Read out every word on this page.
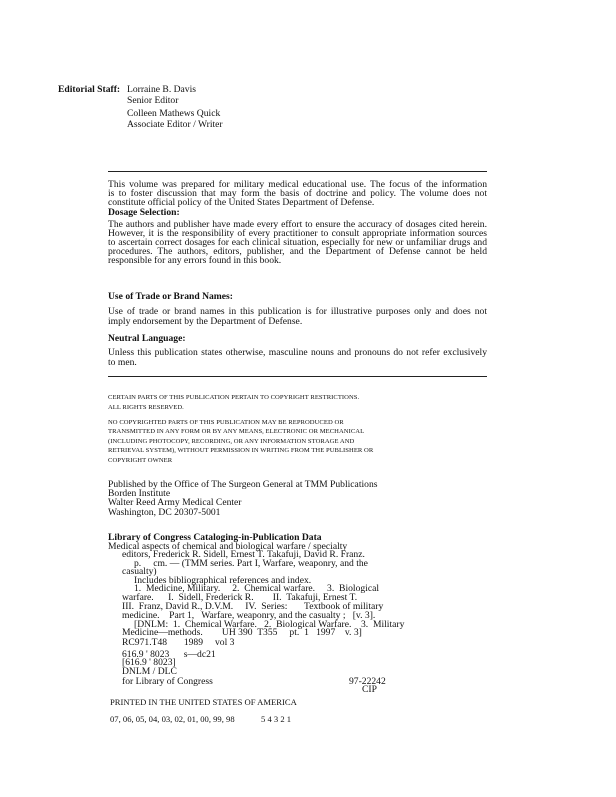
Editorial Staff: Lorraine B. Davis
Senior Editor
Colleen Mathews Quick
Associate Editor / Writer
This volume was prepared for military medical educational use. The focus of the information
is to foster discussion that may form the basis of doctrine and policy. The volume does not
constitute official policy of the United States Department of Defense.
Dosage Selection:
The authors and publisher have made every effort to ensure the accuracy of dosages cited herein.
However, it is the responsibility of every practitioner to consult appropriate information sources
to ascertain correct dosages for each clinical situation, especially for new or unfamiliar drugs and
procedures. The authors, editors, publisher, and the Department of Defense cannot be held
responsible for any errors found in this book.
Use of Trade or Brand Names:
Use of trade or brand names in this publication is for illustrative purposes only and does not
imply endorsement by the Department of Defense.
Neutral Language:
Unless this publication states otherwise, masculine nouns and pronouns do not refer exclusively
to men.
CERTAIN PARTS OF THIS PUBLICATION PERTAIN TO COPYRIGHT RESTRICTIONS.
ALL RIGHTS RESERVED.
NO COPYRIGHTED PARTS OF THIS PUBLICATION MAY BE REPRODUCED OR
TRANSMITTED IN ANY FORM OR BY ANY MEANS, ELECTRONIC OR MECHANICAL
(INCLUDING PHOTOCOPY, RECORDING, OR ANY INFORMATION STORAGE AND
RETRIEVAL SYSTEM), WITHOUT PERMISSION IN WRITING FROM THE PUBLISHER OR
COPYRIGHT OWNER
Published by the Office of The Surgeon General at TMM Publications
Borden Institute
Walter Reed Army Medical Center
Washington, DC 20307-5001
Library of Congress Cataloging-in-Publication Data
Medical aspects of chemical and biological warfare / specialty
editors, Frederick R. Sidell, Ernest T. Takafuji, David R. Franz.
p.     cm. — (TMM series. Part I, Warfare, weaponry, and the
casualty)
Includes bibliographical references and index.
1.  Medicine, Military.     2.  Chemical warfare.     3.  Biological
warfare.      I.  Sidell, Frederick R.        II.  Takafuji, Ernest T.
III.  Franz, David R., D.V.M.     IV.  Series:       Textbook of military
medicine.    Part 1,   Warfare, weaponry, and the casualty ;   [v. 3].
[DNLM:  1.  Chemical Warfare.   2.  Biological Warfare.    3.  Military
Medicine—methods.        UH 390  T355     pt.  1   1997    v. 3]
RC971.T48       1989     vol 3
616.9 ' 8023      s—dc21
[616.9 ' 8023]
DNLM / DLC
for Library of Congress	97-22242
CIP
PRINTED IN THE UNITED STATES OF AMERICA
07, 06, 05, 04, 03, 02, 01, 00, 99, 98	5 4 3 2 1
